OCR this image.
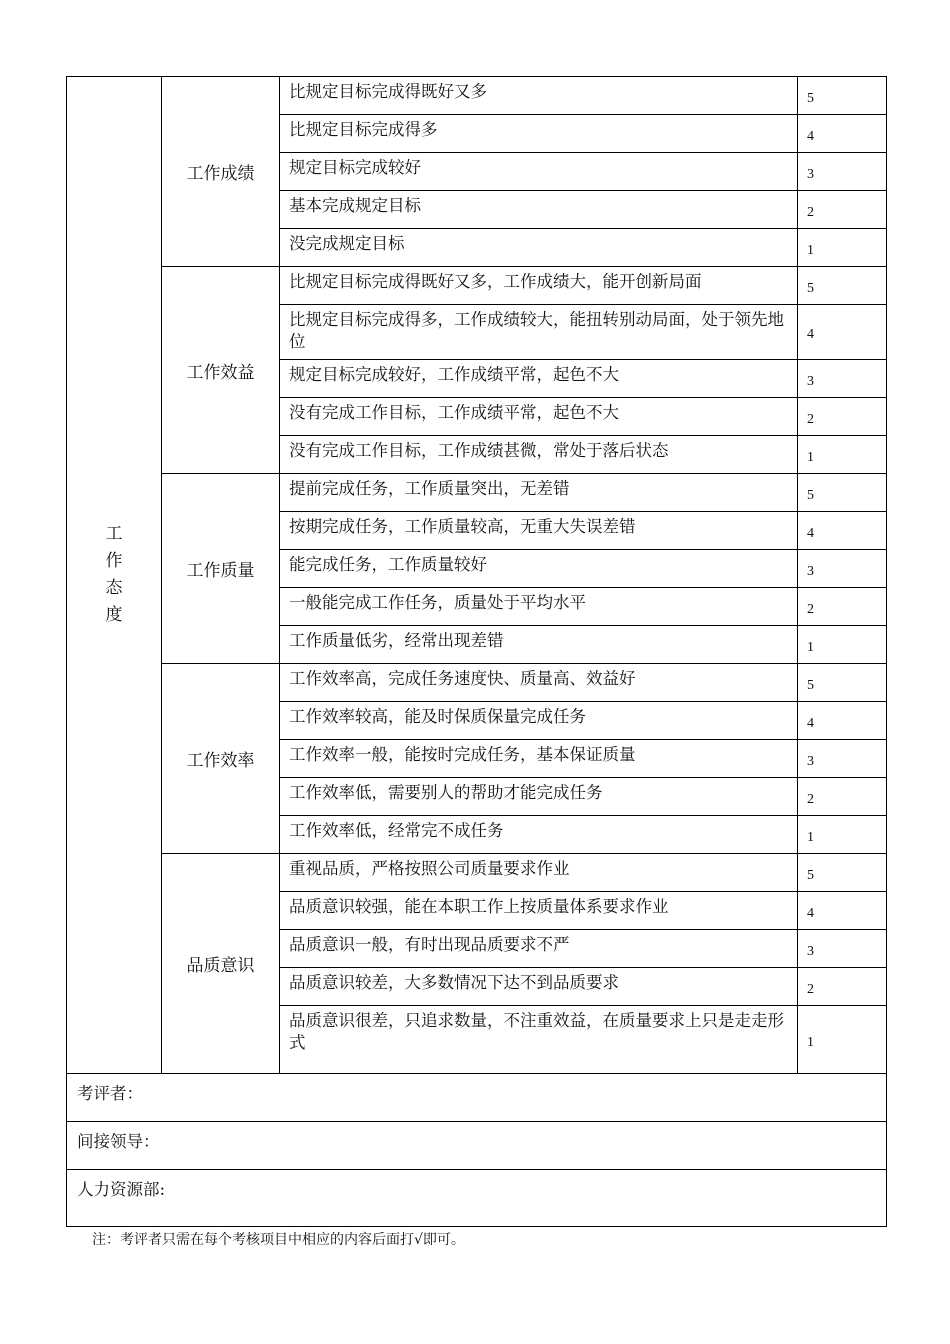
工
作
态
度	工作成绩	比规定目标完成得既好又多	5
		比规定目标完成得多	4
		规定目标完成较好	3
		基本完成规定目标	2
		没完成规定目标	1
	工作效益	比规定目标完成得既好又多，工作成绩大，能开创新局面	5
		比规定目标完成得多，工作成绩较大，能扭转别动局面，处于领先地位	4
		规定目标完成较好，工作成绩平常，起色不大	3
		没有完成工作目标，工作成绩平常，起色不大	2
		没有完成工作目标，工作成绩甚微，常处于落后状态	1
	工作质量	提前完成任务，工作质量突出，无差错	5
		按期完成任务，工作质量较高，无重大失误差错	4
		能完成任务，工作质量较好	3
		一般能完成工作任务，质量处于平均水平	2
		工作质量低劣，经常出现差错	1
	工作效率	工作效率高，完成任务速度快、质量高、效益好	5
		工作效率较高，能及时保质保量完成任务	4
		工作效率一般，能按时完成任务，基本保证质量	3
		工作效率低，需要别人的帮助才能完成任务	2
		工作效率低，经常完不成任务	1
	品质意识	重视品质，严格按照公司质量要求作业	5
		品质意识较强，能在本职工作上按质量体系要求作业	4
		品质意识一般，有时出现品质要求不严	3
		品质意识较差，大多数情况下达不到品质要求	2
		品质意识很差，只追求数量，不注重效益，在质量要求上只是走走形式	1
考评者：			
间接领导：			
人力资源部:			
注：考评者只需在每个考核项目中相应的内容后面打√即可。
